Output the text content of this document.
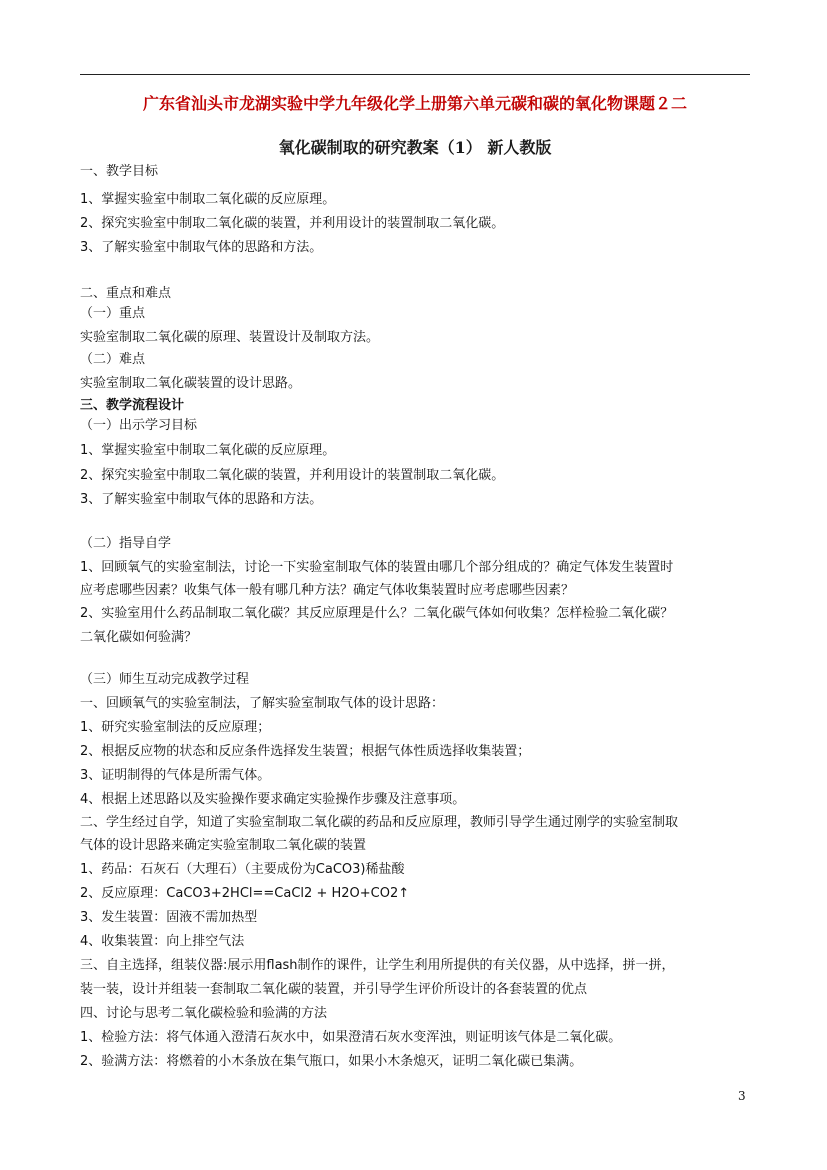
广东省汕头市龙湖实验中学九年级化学上册第六单元碳和碳的氧化物课题２二
氧化碳制取的研究教案（1） 新人教版
一、教学目标
1、掌握实验室中制取二氧化碳的反应原理。
2、探究实验室中制取二氧化碳的装置，并利用设计的装置制取二氧化碳。
3、了解实验室中制取气体的思路和方法。
二、重点和难点
（一）重点
实验室制取二氧化碳的原理、装置设计及制取方法。
（二）难点
实验室制取二氧化碳装置的设计思路。
三、教学流程设计
（一）出示学习目标
1、掌握实验室中制取二氧化碳的反应原理。
2、探究实验室中制取二氧化碳的装置，并利用设计的装置制取二氧化碳。
3、了解实验室中制取气体的思路和方法。
（二）指导自学
1、回顾氧气的实验室制法，讨论一下实验室制取气体的装置由哪几个部分组成的？确定气体发生装置时
应考虑哪些因素？收集气体一般有哪几种方法？确定气体收集装置时应考虑哪些因素？
2、实验室用什么药品制取二氧化碳？其反应原理是什么？二氧化碳气体如何收集？怎样检验二氧化碳？
二氧化碳如何验满？
（三）师生互动完成教学过程
一、回顾氧气的实验室制法，了解实验室制取气体的设计思路：
1、研究实验室制法的反应原理；
2、根据反应物的状态和反应条件选择发生装置；根据气体性质选择收集装置；
3、证明制得的气体是所需气体。
4、根据上述思路以及实验操作要求确定实验操作步骤及注意事项。
二、学生经过自学，知道了实验室制取二氧化碳的药品和反应原理，教师引导学生通过刚学的实验室制取
气体的设计思路来确定实验室制取二氧化碳的装置
1、药品：石灰石（大理石）（主要成份为CaCO3)稀盐酸
2、反应原理：CaCO3+2HCl==CaCl2 + H2O+CO2↑
3、发生装置：固液不需加热型
4、收集装置：向上排空气法
三、自主选择，组装仪器:展示用flash制作的课件，让学生利用所提供的有关仪器，从中选择，拼一拼，
装一装，设计并组装一套制取二氧化碳的装置，并引导学生评价所设计的各套装置的优点
四、讨论与思考二氧化碳检验和验满的方法
1、检验方法：将气体通入澄清石灰水中，如果澄清石灰水变浑浊，则证明该气体是二氧化碳。
2、验满方法：将燃着的小木条放在集气瓶口，如果小木条熄灭，证明二氧化碳已集满。
3
